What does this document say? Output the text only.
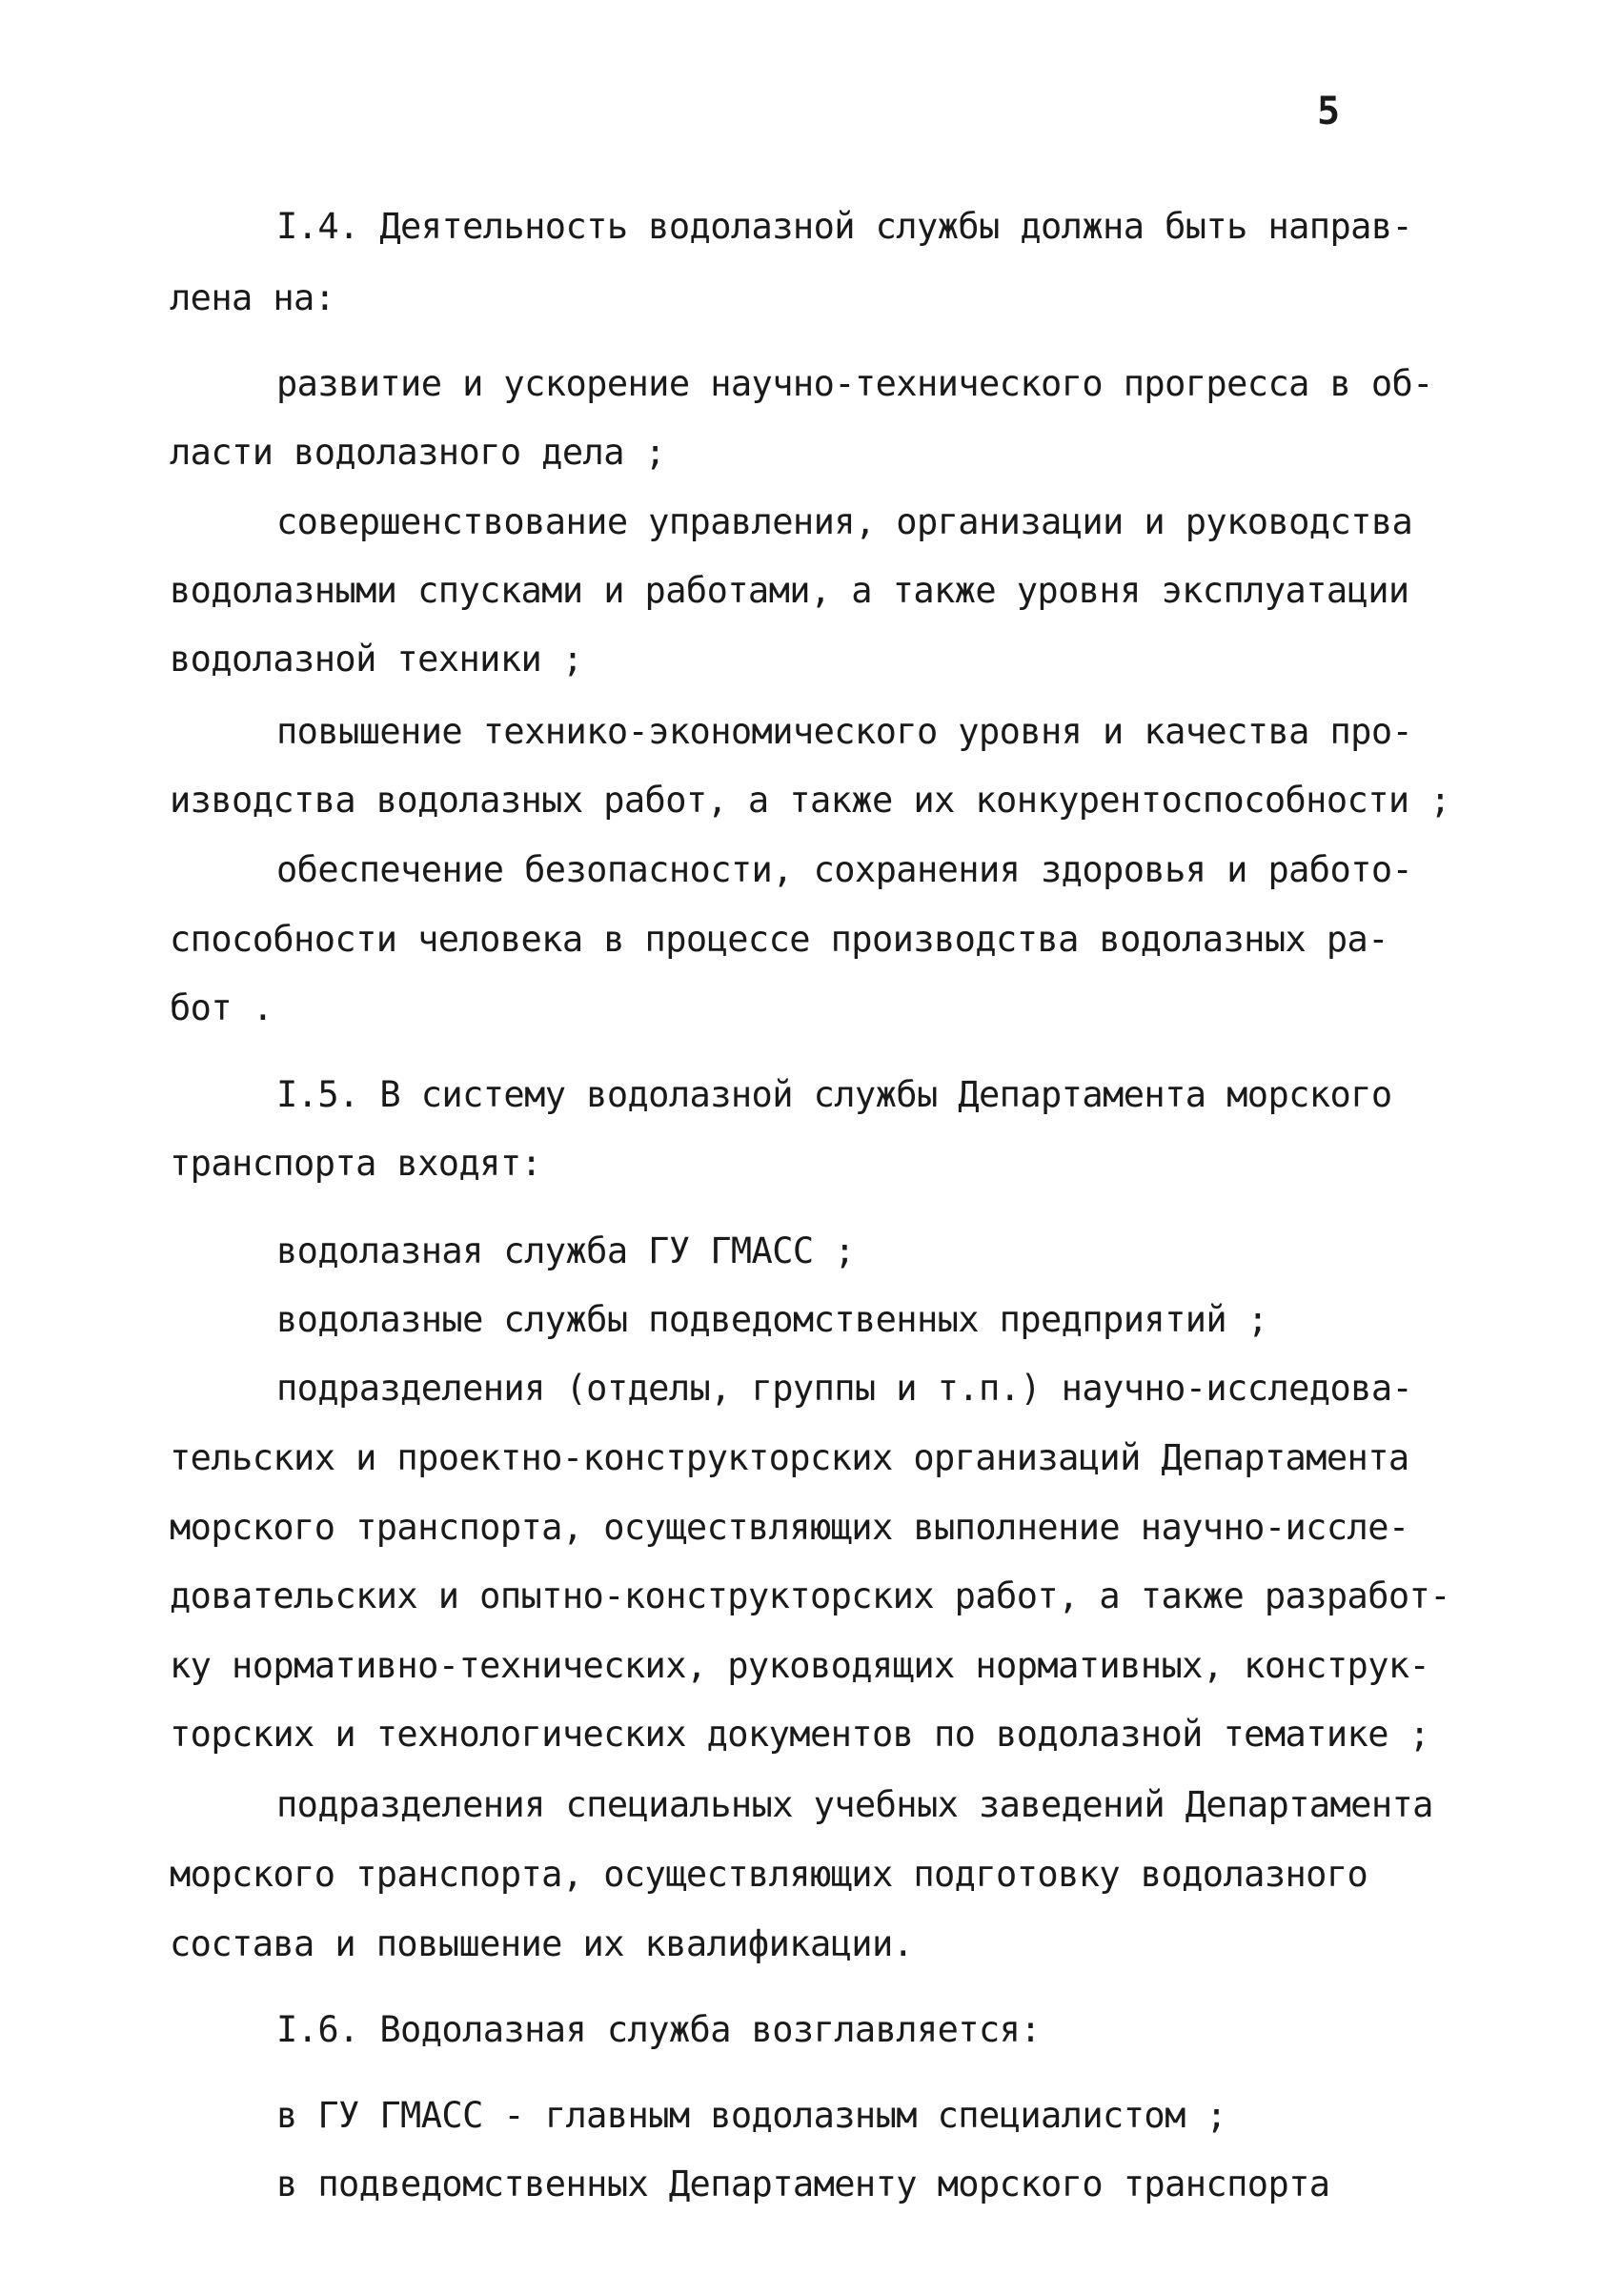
5
I.4. Деятельность водолазной службы должна быть направ-
лена на:
развитие и ускорение научно-технического прогресса в об-
ласти водолазного дела ;
совершенствование управления, организации и руководства
водолазными спусками и работами, а также уровня эксплуатации
водолазной техники ;
повышение технико-экономического уровня и качества про-
изводства водолазных работ, а также их конкурентоспособности ;
обеспечение безопасности, сохранения здоровья и работо-
способности человека в процессе производства водолазных ра-
бот .
I.5. В систему водолазной службы Департамента морского
транспорта входят:
водолазная служба ГУ ГМАСС ;
водолазные службы подведомственных предприятий ;
подразделения (отделы, группы и т.п.) научно-исследова-
тельских и проектно-конструкторских организаций Департамента
морского транспорта, осуществляющих выполнение научно-иссле-
довательских и опытно-конструкторских работ, а также разработ-
ку нормативно-технических, руководящих нормативных, конструк-
торских и технологических документов по водолазной тематике ;
подразделения специальных учебных заведений Департамента
морского транспорта, осуществляющих подготовку водолазного
состава и повышение их квалификации.
I.6. Водолазная служба возглавляется:
в ГУ ГМАСС - главным водолазным специалистом ;
в подведомственных Департаменту морского транспорта
